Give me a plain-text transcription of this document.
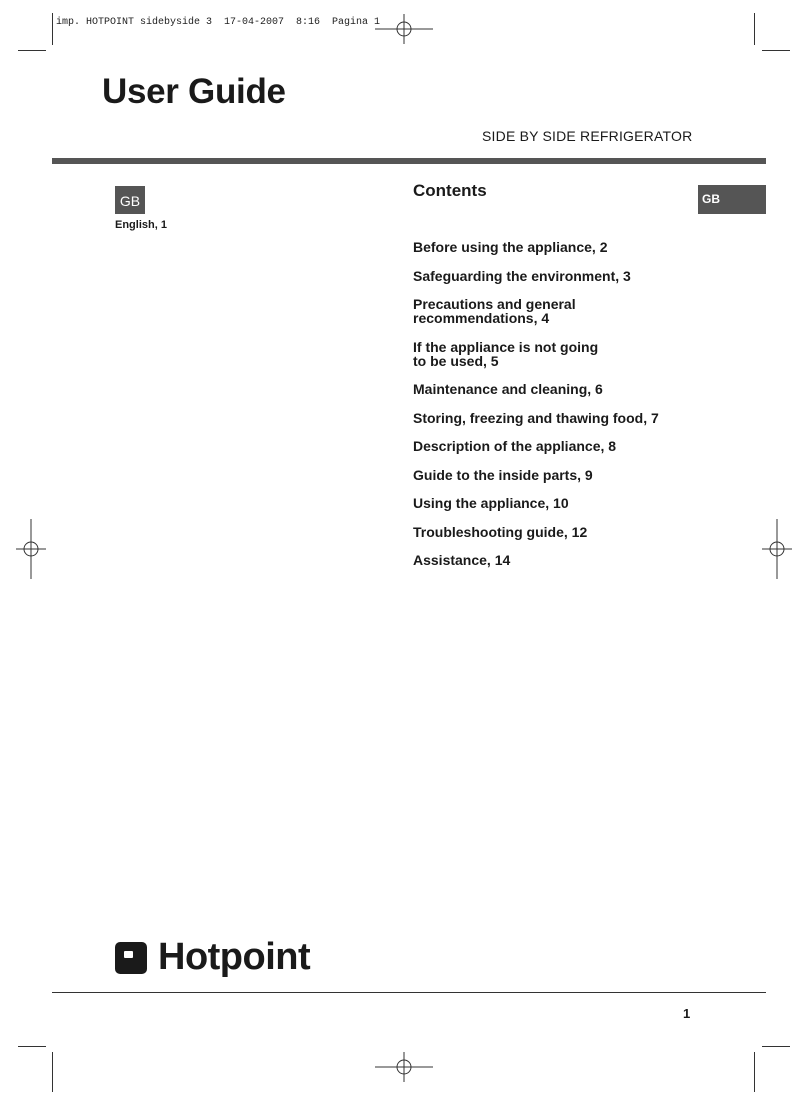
imp. HOTPOINT sidebyside 3  17-04-2007  8:16  Pagina 1
User Guide
SIDE BY SIDE REFRIGERATOR
GB
English, 1
Contents	GB
Before using the appliance, 2
Safeguarding the environment, 3
Precautions and general
recommendations, 4
If the appliance is not going
to be used, 5
Maintenance and cleaning, 6
Storing, freezing and thawing food, 7
Description of the appliance, 8
Guide to the inside parts, 9
Using the appliance, 10
Troubleshooting guide, 12
Assistance, 14
Hotpoint
1
